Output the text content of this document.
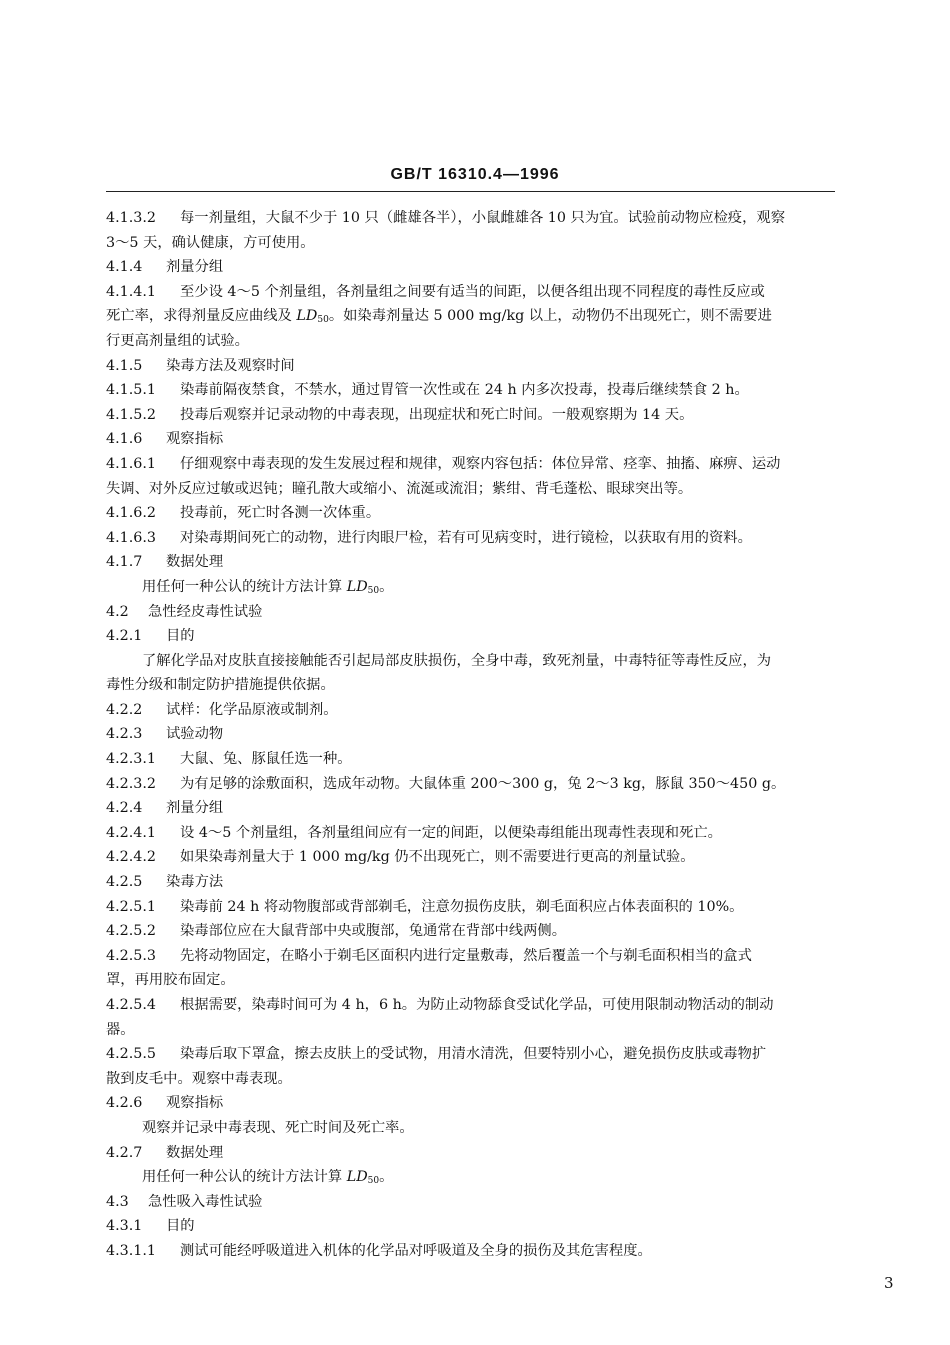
GB/T 16310.4—1996
4.1.3.2 每一剂量组，大鼠不少于 10 只（雌雄各半），小鼠雌雄各 10 只为宜。试验前动物应检疫，观察
3～5 天，确认健康，方可使用。
4.1.4 剂量分组
4.1.4.1 至少设 4～5 个剂量组，各剂量组之间要有适当的间距，以便各组出现不同程度的毒性反应或
死亡率，求得剂量反应曲线及 $LD_{50}$。如染毒剂量达 5 000 mg/kg 以上，动物仍不出现死亡，则不需要进
行更高剂量组的试验。
4.1.5 染毒方法及观察时间
4.1.5.1 染毒前隔夜禁食，不禁水，通过胃管一次性或在 24 h 内多次投毒，投毒后继续禁食 2 h。
4.1.5.2 投毒后观察并记录动物的中毒表现，出现症状和死亡时间。一般观察期为 14 天。
4.1.6 观察指标
4.1.6.1 仔细观察中毒表现的发生发展过程和规律，观察内容包括：体位异常、痉挛、抽搐、麻痹、运动
失调、对外反应过敏或迟钝；瞳孔散大或缩小、流涎或流泪；紫绀、背毛蓬松、眼球突出等。
4.1.6.2 投毒前，死亡时各测一次体重。
4.1.6.3 对染毒期间死亡的动物，进行肉眼尸检，若有可见病变时，进行镜检，以获取有用的资料。
4.1.7 数据处理
用任何一种公认的统计方法计算 $LD_{50}$。
4.2 急性经皮毒性试验
4.2.1 目的
了解化学品对皮肤直接接触能否引起局部皮肤损伤，全身中毒，致死剂量，中毒特征等毒性反应，为
毒性分级和制定防护措施提供依据。
4.2.2 试样：化学品原液或制剂。
4.2.3 试验动物
4.2.3.1 大鼠、兔、豚鼠任选一种。
4.2.3.2 为有足够的涂敷面积，选成年动物。大鼠体重 200～300 g，兔 2～3 kg，豚鼠 350～450 g。
4.2.4 剂量分组
4.2.4.1 设 4～5 个剂量组，各剂量组间应有一定的间距，以便染毒组能出现毒性表现和死亡。
4.2.4.2 如果染毒剂量大于 1 000 mg/kg 仍不出现死亡，则不需要进行更高的剂量试验。
4.2.5 染毒方法
4.2.5.1 染毒前 24 h 将动物腹部或背部剃毛，注意勿损伤皮肤，剃毛面积应占体表面积的 10%。
4.2.5.2 染毒部位应在大鼠背部中央或腹部，兔通常在背部中线两侧。
4.2.5.3 先将动物固定，在略小于剃毛区面积内进行定量敷毒，然后覆盖一个与剃毛面积相当的盒式
罩，再用胶布固定。
4.2.5.4 根据需要，染毒时间可为 4 h，6 h。为防止动物舔食受试化学品，可使用限制动物活动的制动
器。
4.2.5.5 染毒后取下罩盒，擦去皮肤上的受试物，用清水清洗，但要特别小心，避免损伤皮肤或毒物扩
散到皮毛中。观察中毒表现。
4.2.6 观察指标
观察并记录中毒表现、死亡时间及死亡率。
4.2.7 数据处理
用任何一种公认的统计方法计算 $LD_{50}$。
4.3 急性吸入毒性试验
4.3.1 目的
4.3.1.1 测试可能经呼吸道进入机体的化学品对呼吸道及全身的损伤及其危害程度。
3
